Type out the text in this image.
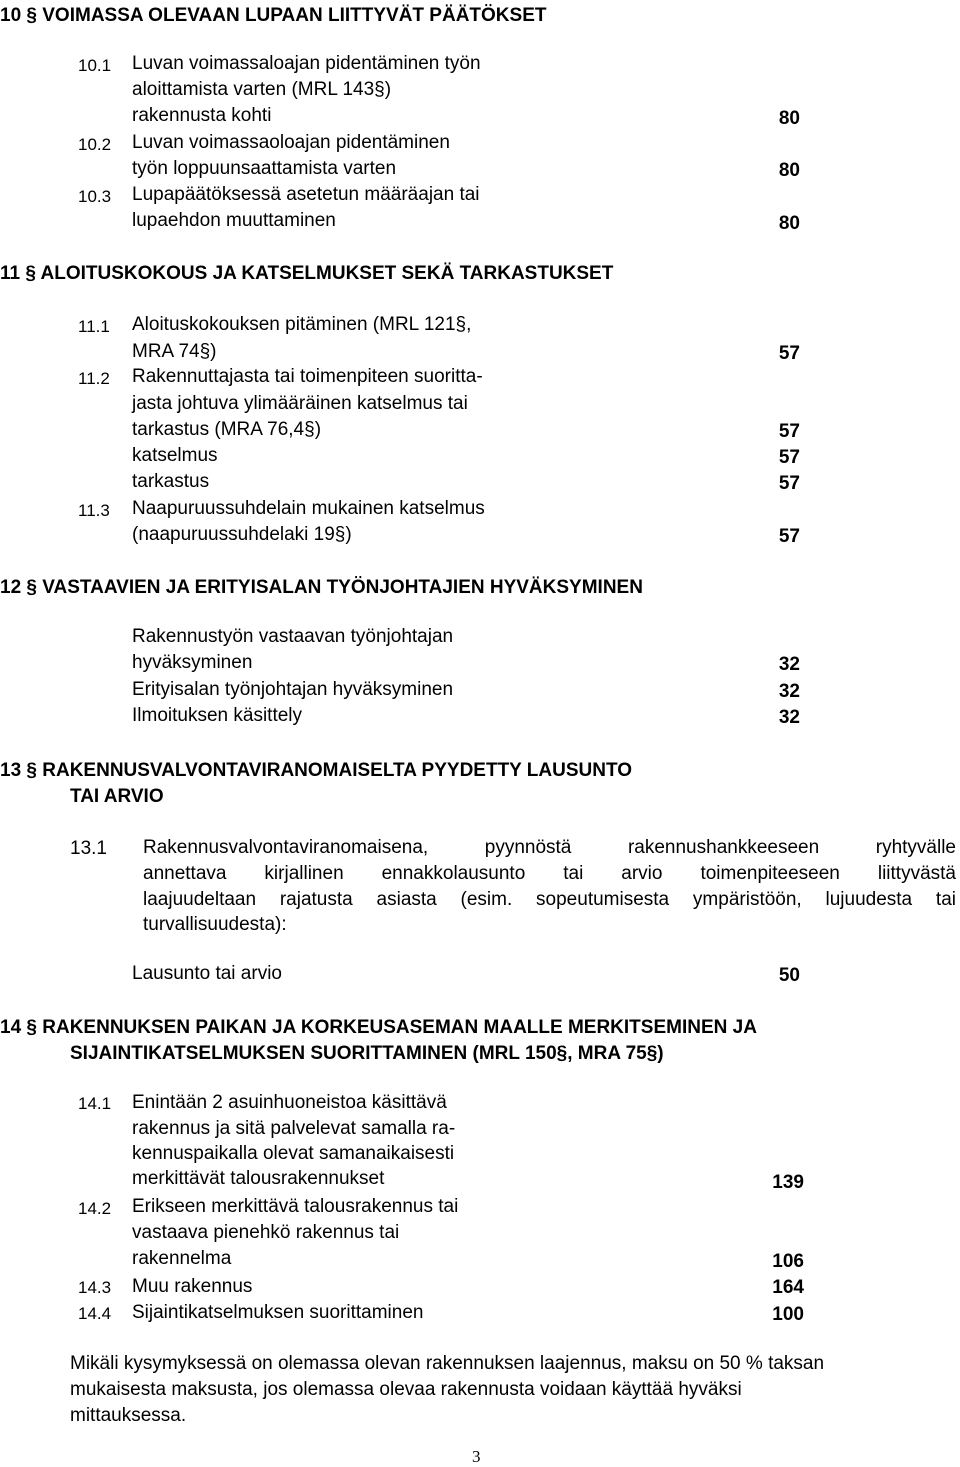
10 § VOIMASSA OLEVAAN LUPAAN LIITTYVÄT PÄÄTÖKSET
10.1 Luvan voimassaloajan pidentäminen työn
aloittamista varten (MRL 143§)
rakennusta kohti	80
10.2 Luvan voimassaoloajan pidentäminen
työn loppuunsaattamista varten	80
10.3 Lupapäätöksessä asetetun määräajan tai
lupaehdon muuttaminen	80
11 § ALOITUSKOKOUS JA KATSELMUKSET SEKÄ TARKASTUKSET
11.1 Aloituskokouksen pitäminen (MRL 121§,
MRA 74§)	57
11.2 Rakennuttajasta tai toimenpiteen suoritta-
jasta johtuva ylimääräinen katselmus tai
tarkastus (MRA 76,4§)	57
katselmus	57
tarkastus	57
11.3 Naapuruussuhdelain mukainen katselmus
(naapuruussuhdelaki 19§)	57
12 § VASTAAVIEN JA ERITYISALAN TYÖNJOHTAJIEN HYVÄKSYMINEN
Rakennustyön vastaavan työnjohtajan
hyväksyminen	32
Erityisalan työnjohtajan hyväksyminen	32
Ilmoituksen käsittely	32
13 § RAKENNUSVALVONTAVIRANOMAISELTA PYYDETTY LAUSUNTO
TAI ARVIO
13.1 Rakennusvalvontaviranomaisena, pyynnöstä rakennushankkeeseen ryhtyvälle
annettava kirjallinen ennakkolausunto tai arvio toimenpiteeseen liittyvästä
laajuudeltaan rajatusta asiasta (esim. sopeutumisesta ympäristöön, lujuudesta tai
turvallisuudesta):
Lausunto tai arvio	50
14 § RAKENNUKSEN PAIKAN JA KORKEUSASEMAN MAALLE MERKITSEMINEN JA
SIJAINTIKATSELMUKSEN SUORITTAMINEN (MRL 150§, MRA 75§)
14.1 Enintään 2 asuinhuoneistoa käsittävä
rakennus ja sitä palvelevat samalla ra-
kennuspaikalla olevat samanaikaisesti
merkittävät talousrakennukset	139
14.2 Erikseen merkittävä talousrakennus tai
vastaava pienehkö rakennus tai
rakennelma	106
14.3 Muu rakennus	164
14.4 Sijaintikatselmuksen suorittaminen	100
Mikäli kysymyksessä on olemassa olevan rakennuksen laajennus, maksu on 50 % taksan
mukaisesta maksusta, jos olemassa olevaa rakennusta voidaan käyttää hyväksi
mittauksessa.
3
